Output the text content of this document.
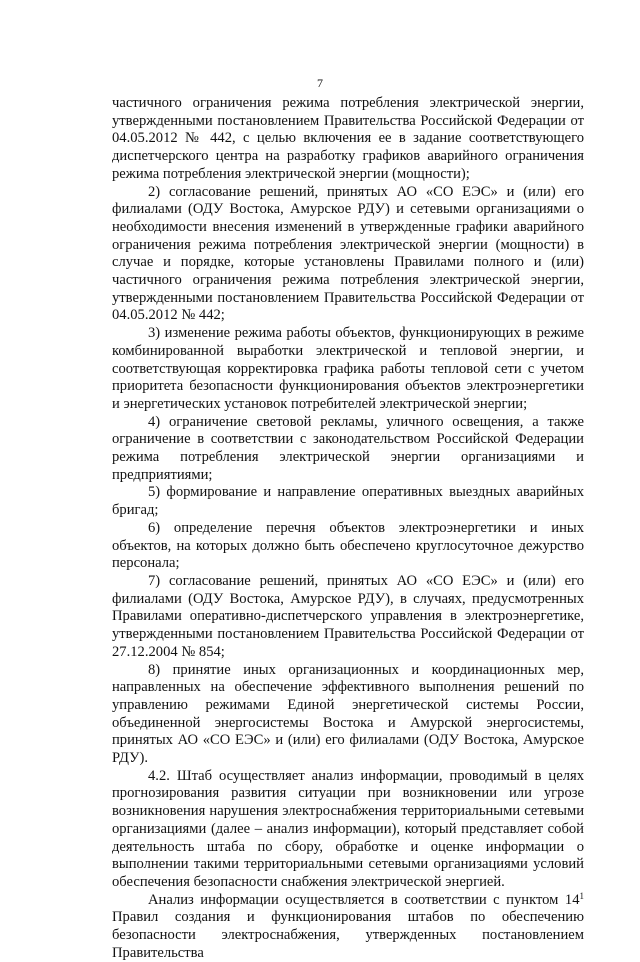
7

частичного ограничения режима потребления электрической энергии, утвержденными постановлением Правительства Российской Федерации от 04.05.2012 № 442, с целью включения ее в задание соответствующего диспетчерского центра на разработку графиков аварийного ограничения режима потребления электрической энергии (мощности);

2) согласование решений, принятых АО «СО ЕЭС» и (или) его филиалами (ОДУ Востока, Амурское РДУ) и сетевыми организациями о необходимости внесения изменений в утвержденные графики аварийного ограничения режима потребления электрической энергии (мощности) в случае и порядке, которые установлены Правилами полного и (или) частичного ограничения режима потребления электрической энергии, утвержденными постановлением Правительства Российской Федерации от 04.05.2012 № 442;

3) изменение режима работы объектов, функционирующих в режиме комбинированной выработки электрической и тепловой энергии, и соответствующая корректировка графика работы тепловой сети с учетом приоритета безопасности функционирования объектов электроэнергетики и энергетических установок потребителей электрической энергии;

4) ограничение световой рекламы, уличного освещения, а также ограничение в соответствии с законодательством Российской Федерации режима потребления электрической энергии организациями и предприятиями;

5) формирование и направление оперативных выездных аварийных бригад;

6) определение перечня объектов электроэнергетики и иных объектов, на которых должно быть обеспечено круглосуточное дежурство персонала;

7) согласование решений, принятых АО «СО ЕЭС» и (или) его филиалами (ОДУ Востока, Амурское РДУ), в случаях, предусмотренных Правилами оперативно-диспетчерского управления в электроэнергетике, утвержденными постановлением Правительства Российской Федерации от 27.12.2004 № 854;

8) принятие иных организационных и координационных мер, направленных на обеспечение эффективного выполнения решений по управлению режимами Единой энергетической системы России, объединенной энергосистемы Востока и Амурской энергосистемы, принятых АО «СО ЕЭС» и (или) его филиалами (ОДУ Востока, Амурское РДУ).

4.2. Штаб осуществляет анализ информации, проводимый в целях прогнозирования развития ситуации при возникновении или угрозе возникновения нарушения электроснабжения территориальными сетевыми организациями (далее – анализ информации), который представляет собой деятельность штаба по сбору, обработке и оценке информации о выполнении такими территориальными сетевыми организациями условий обеспечения безопасности снабжения электрической энергией.

Анализ информации осуществляется в соответствии с пунктом $14^1$ Правил создания и функционирования штабов по обеспечению безопасности электроснабжения, утвержденных постановлением Правительства
